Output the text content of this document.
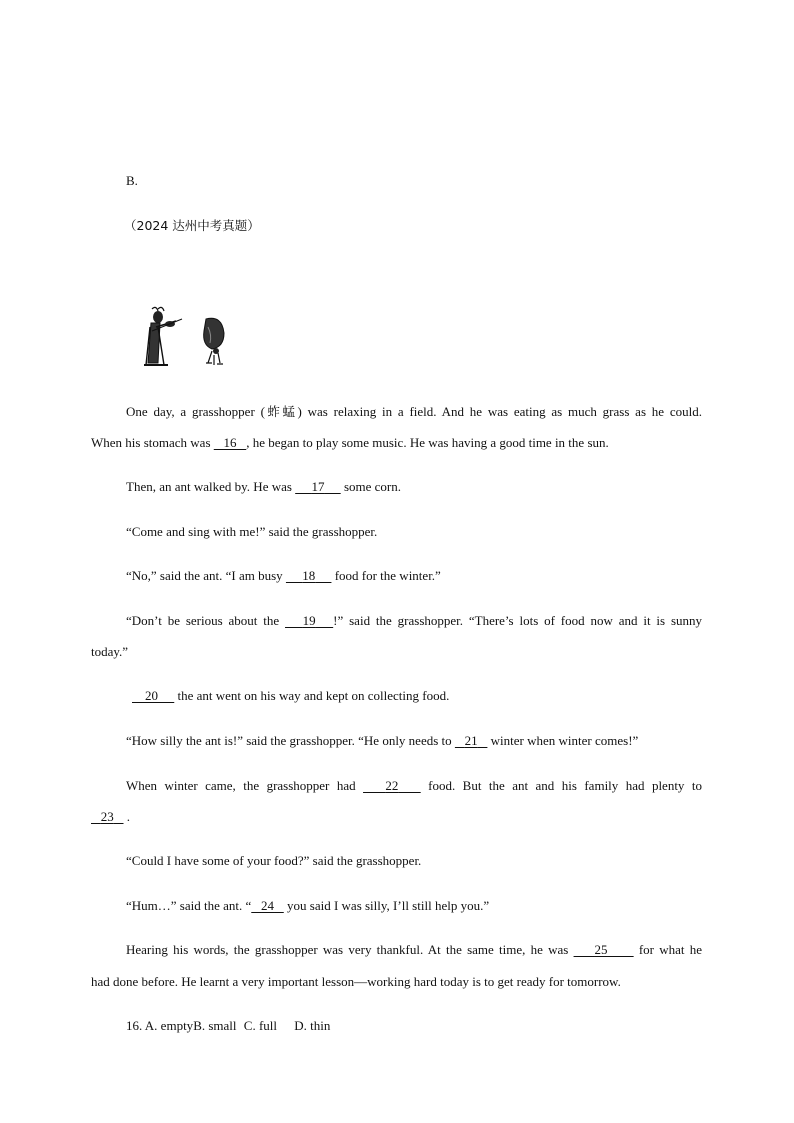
B.
（2024 达州中考真题）
One day, a grasshopper (蚱蜢) was relaxing in a field. And he was eating as much grass as he could.
When his stomach was    16 , he began to play some music. He was having a good time in the sun.
Then, an ant walked by. He was      17      some corn.
“Come and sing with me!” said the grasshopper.
“No,” said the ant. “I am busy      18      food for the winter.”
“Don’t be serious about the    19 !” said the grasshopper. “There’s lots of food now and it is sunny
today.”
20      the ant went on his way and kept on collecting food.
“How silly the ant is!” said the grasshopper. “He only needs to    21    winter when winter comes!”
When winter came, the grasshopper had    22    food. But the ant and his family had plenty to
23    .
“Could I have some of your food?” said the grasshopper.
“Hum…” said the ant. “ 24    you said I was silly, I’ll still help you.”
Hearing his words, the grasshopper was very thankful. At the same time, he was     25      for what he
had done before. He learnt a very important lesson—working hard today is to get ready for tomorrow.
16. A. emptyB. small C. full D. thin
